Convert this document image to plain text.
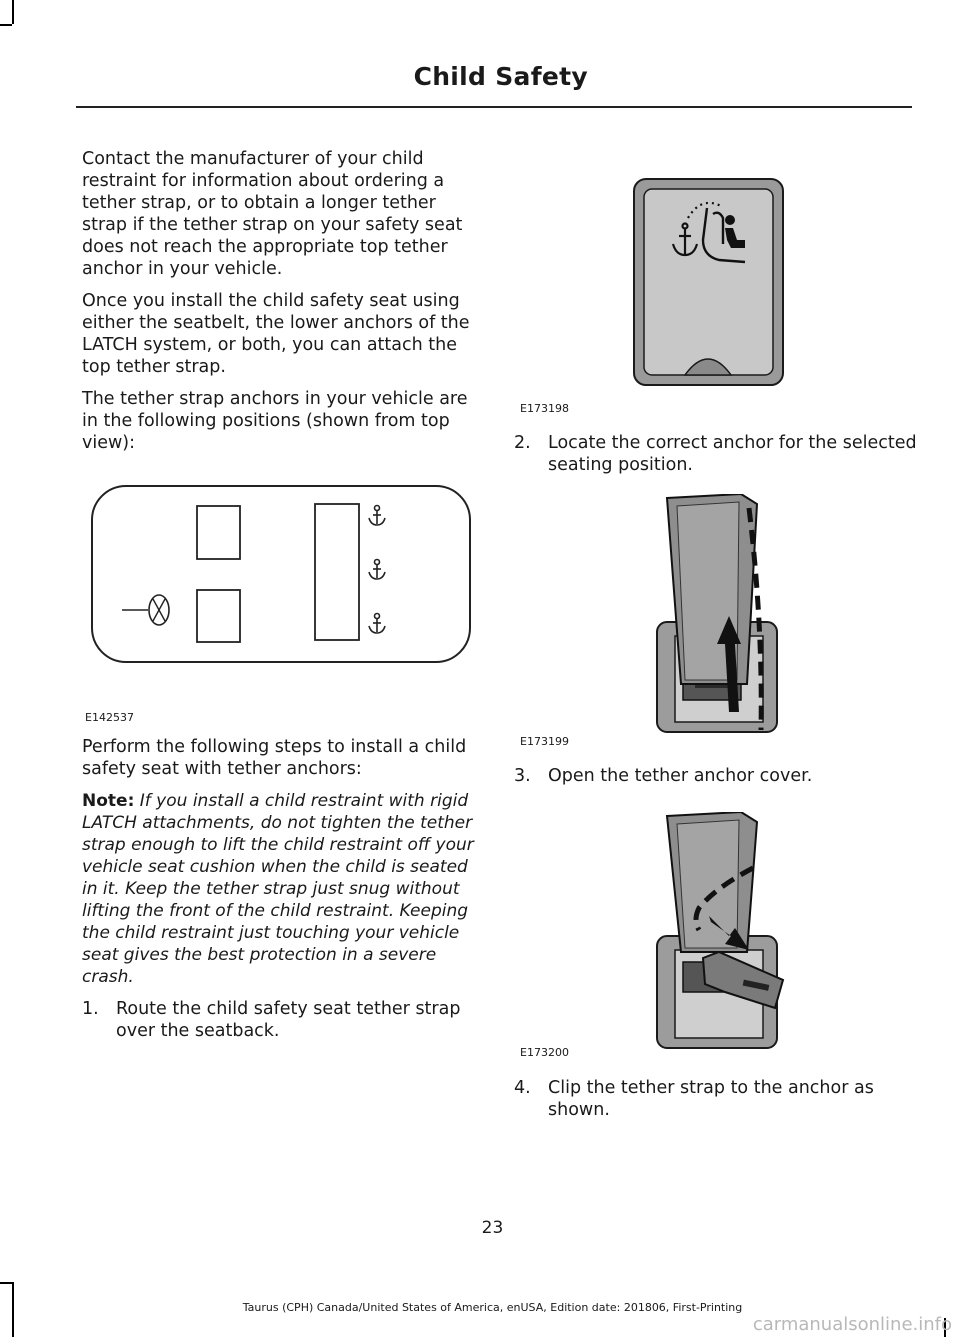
Child Safety

Contact the manufacturer of your child restraint for information about ordering a tether strap, or to obtain a longer tether strap if the tether strap on your safety seat does not reach the appropriate top tether anchor in your vehicle.

Once you install the child safety seat using either the seatbelt, the lower anchors of the LATCH system, or both, you can attach the top tether strap.

The tether strap anchors in your vehicle are in the following positions (shown from top view):

Perform the following steps to install a child safety seat with tether anchors:

Note: If you install a child restraint with rigid LATCH attachments, do not tighten the tether strap enough to lift the child restraint off your vehicle seat cushion when the child is seated in it. Keep the tether strap just snug without lifting the front of the child restraint. Keeping the child restraint just touching your vehicle seat gives the best protection in a severe crash.

1. Route the child safety seat tether strap over the seatback.
E142537
E173198
2. Locate the correct anchor for the selected seating position.
E173199
3. Open the tether anchor cover.
E173200
4. Clip the tether strap to the anchor as shown.
23
Taurus (CPH) Canada/United States of America, enUSA, Edition date: 201806, First-Printing
carmanualsonline.info
